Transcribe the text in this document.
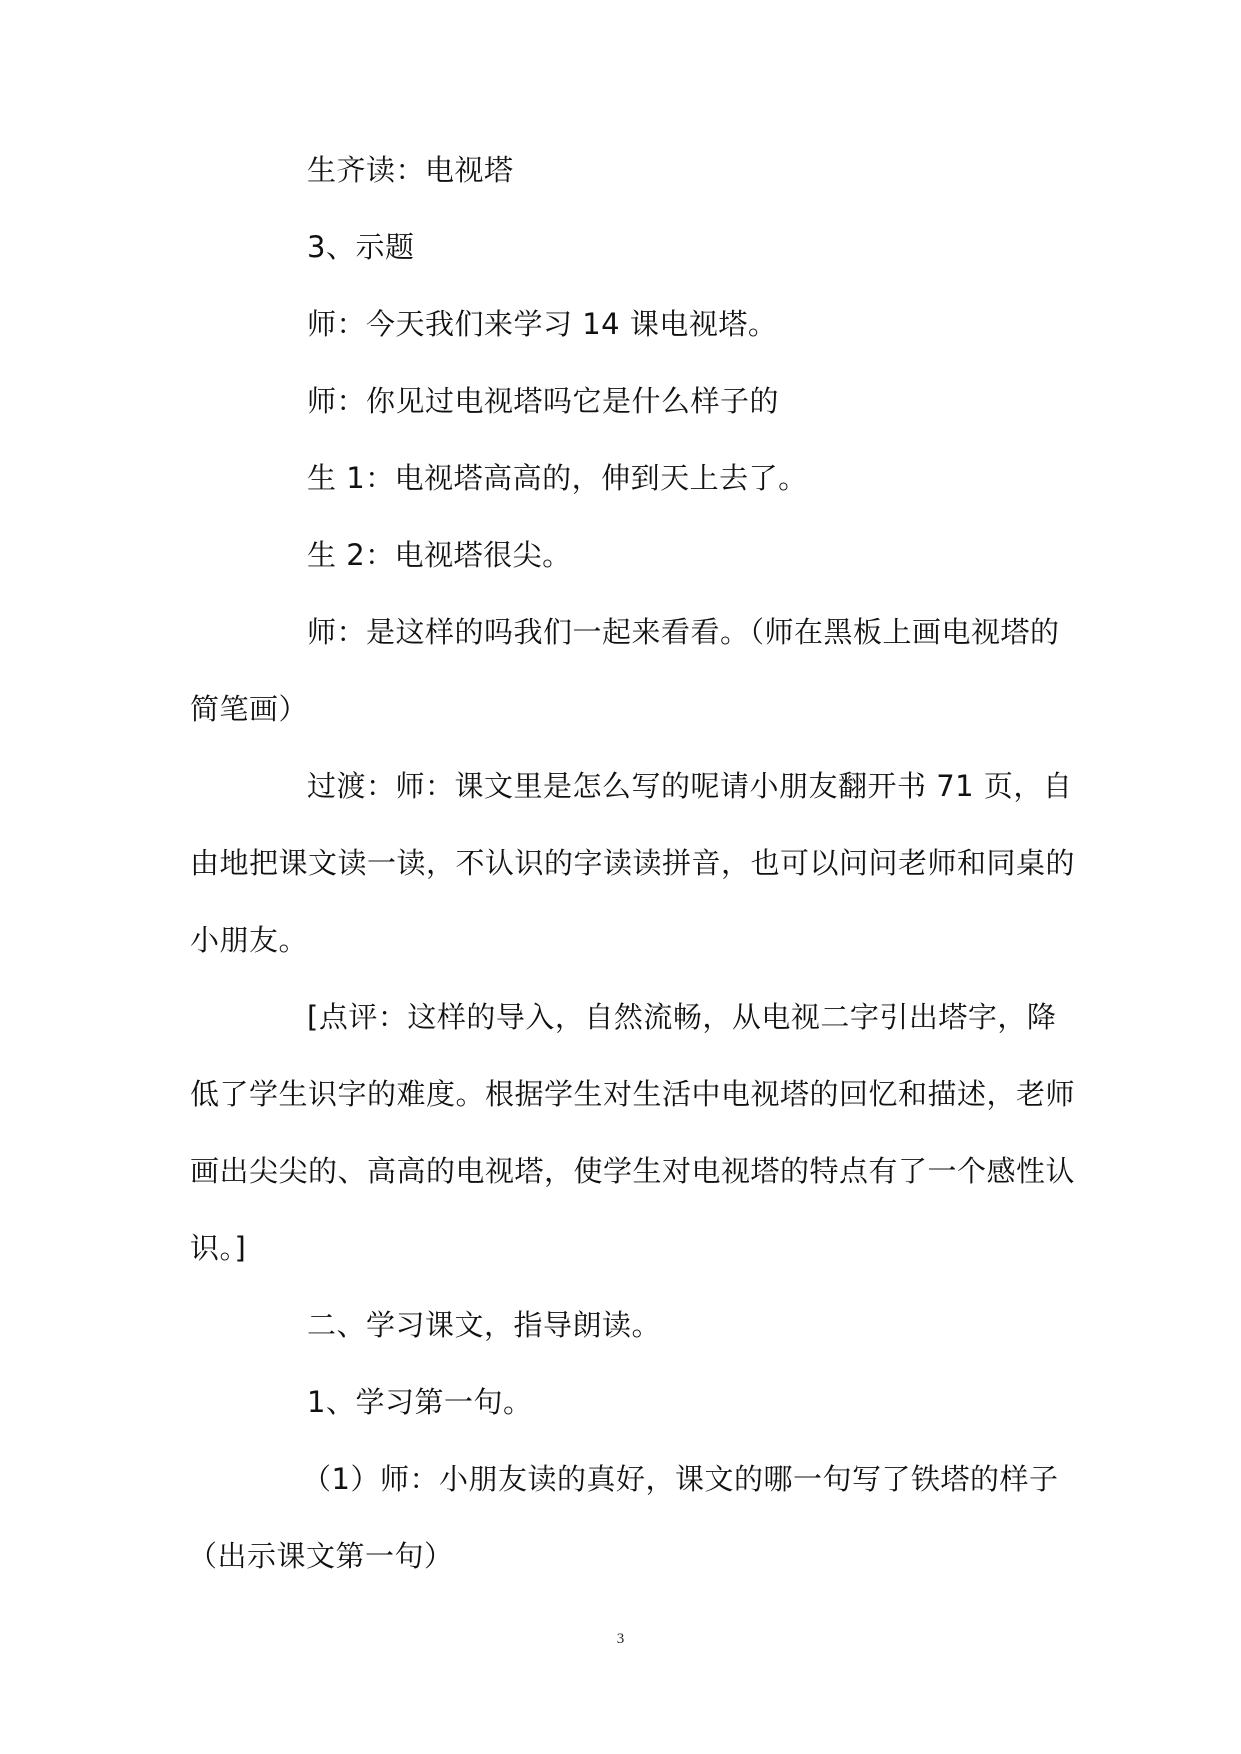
生齐读：电视塔
3、示题
师：今天我们来学习 14 课电视塔。
师：你见过电视塔吗它是什么样子的
生 1：电视塔高高的，伸到天上去了。
生 2：电视塔很尖。
师：是这样的吗我们一起来看看。（师在黑板上画电视塔的
简笔画）
过渡：师：课文里是怎么写的呢请小朋友翻开书 71 页，自
由地把课文读一读，不认识的字读读拼音，也可以问问老师和同桌的
小朋友。
[点评：这样的导入，自然流畅，从电视二字引出塔字，降
低了学生识字的难度。根据学生对生活中电视塔的回忆和描述，老师
画出尖尖的、高高的电视塔，使学生对电视塔的特点有了一个感性认
识。]
二、学习课文，指导朗读。
1、学习第一句。
（1）师：小朋友读的真好，课文的哪一句写了铁塔的样子
（出示课文第一句）
3
